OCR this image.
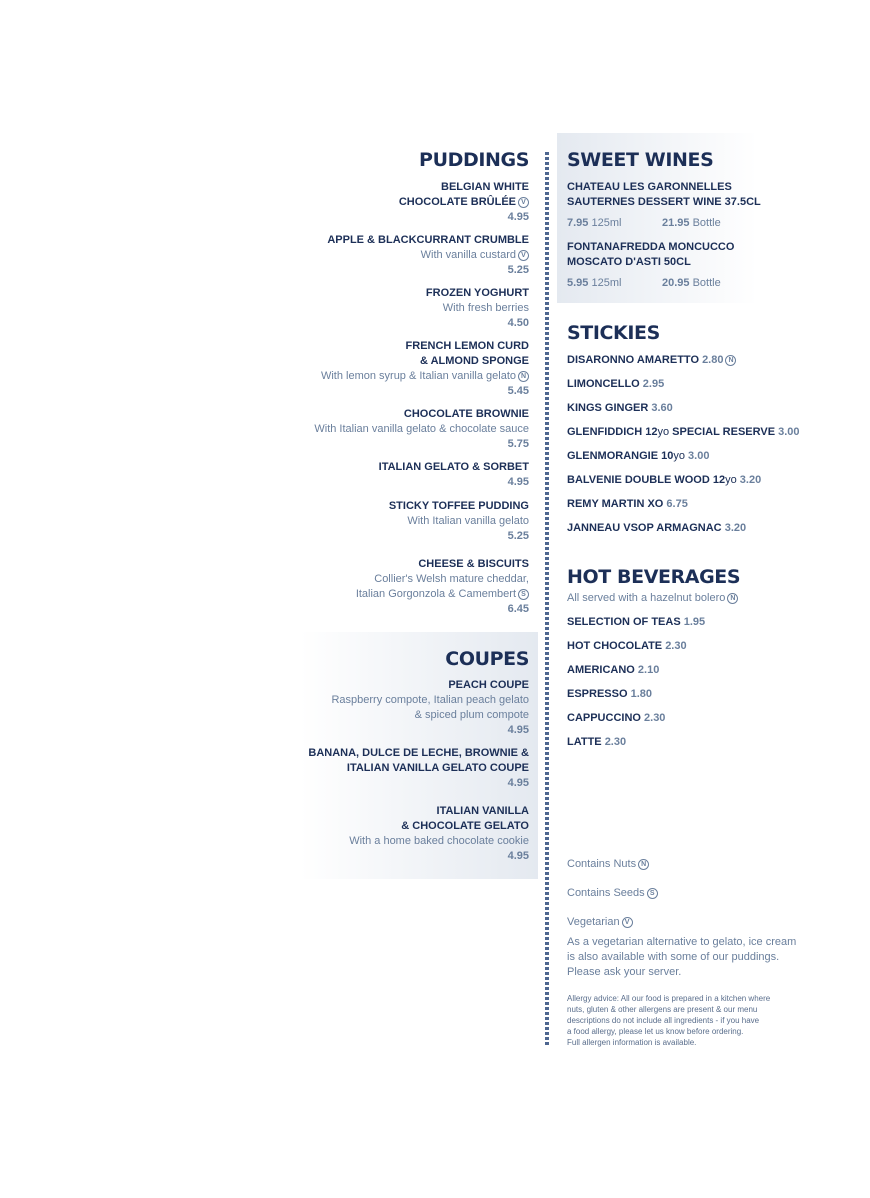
PUDDINGS
BELGIAN WHITE
CHOCOLATE BRÛLÉE V
4.95
APPLE & BLACKCURRANT CRUMBLE
With vanilla custard V
5.25
FROZEN YOGHURT
With fresh berries
4.50
FRENCH LEMON CURD
& ALMOND SPONGE
With lemon syrup & Italian vanilla gelato N
5.45
CHOCOLATE BROWNIE
With Italian vanilla gelato & chocolate sauce
5.75
ITALIAN GELATO & SORBET
4.95
STICKY TOFFEE PUDDING
With Italian vanilla gelato
5.25
CHEESE & BISCUITS
Collier's Welsh mature cheddar,
Italian Gorgonzola & Camembert S
6.45
COUPES
PEACH COUPE
Raspberry compote, Italian peach gelato
& spiced plum compote
4.95
BANANA, DULCE DE LECHE, BROWNIE &
ITALIAN VANILLA GELATO COUPE
4.95
ITALIAN VANILLA
& CHOCOLATE GELATO
With a home baked chocolate cookie
4.95
SWEET WINES
CHATEAU LES GARONNELLES
SAUTERNES DESSERT WINE 37.5CL
7.95 125ml	21.95 Bottle
FONTANAFREDDA MONCUCCO
MOSCATO D'ASTI 50CL
5.95 125ml	20.95 Bottle
STICKIES
DISARONNO AMARETTO 2.80 N
LIMONCELLO 2.95
KINGS GINGER 3.60
GLENFIDDICH 12yo SPECIAL RESERVE 3.00
GLENMORANGIE 10yo 3.00
BALVENIE DOUBLE WOOD 12yo 3.20
REMY MARTIN XO 6.75
JANNEAU VSOP ARMAGNAC 3.20
HOT BEVERAGES
All served with a hazelnut bolero N
SELECTION OF TEAS 1.95
HOT CHOCOLATE 2.30
AMERICANO 2.10
ESPRESSO 1.80
CAPPUCCINO 2.30
LATTE 2.30
Contains Nuts N
Contains Seeds S
Vegetarian V
As a vegetarian alternative to gelato, ice cream
is also available with some of our puddings.
Please ask your server.
Allergy advice: All our food is prepared in a kitchen where
nuts, gluten & other allergens are present & our menu
descriptions do not include all ingredients - if you have
a food allergy, please let us know before ordering.
Full allergen information is available.
